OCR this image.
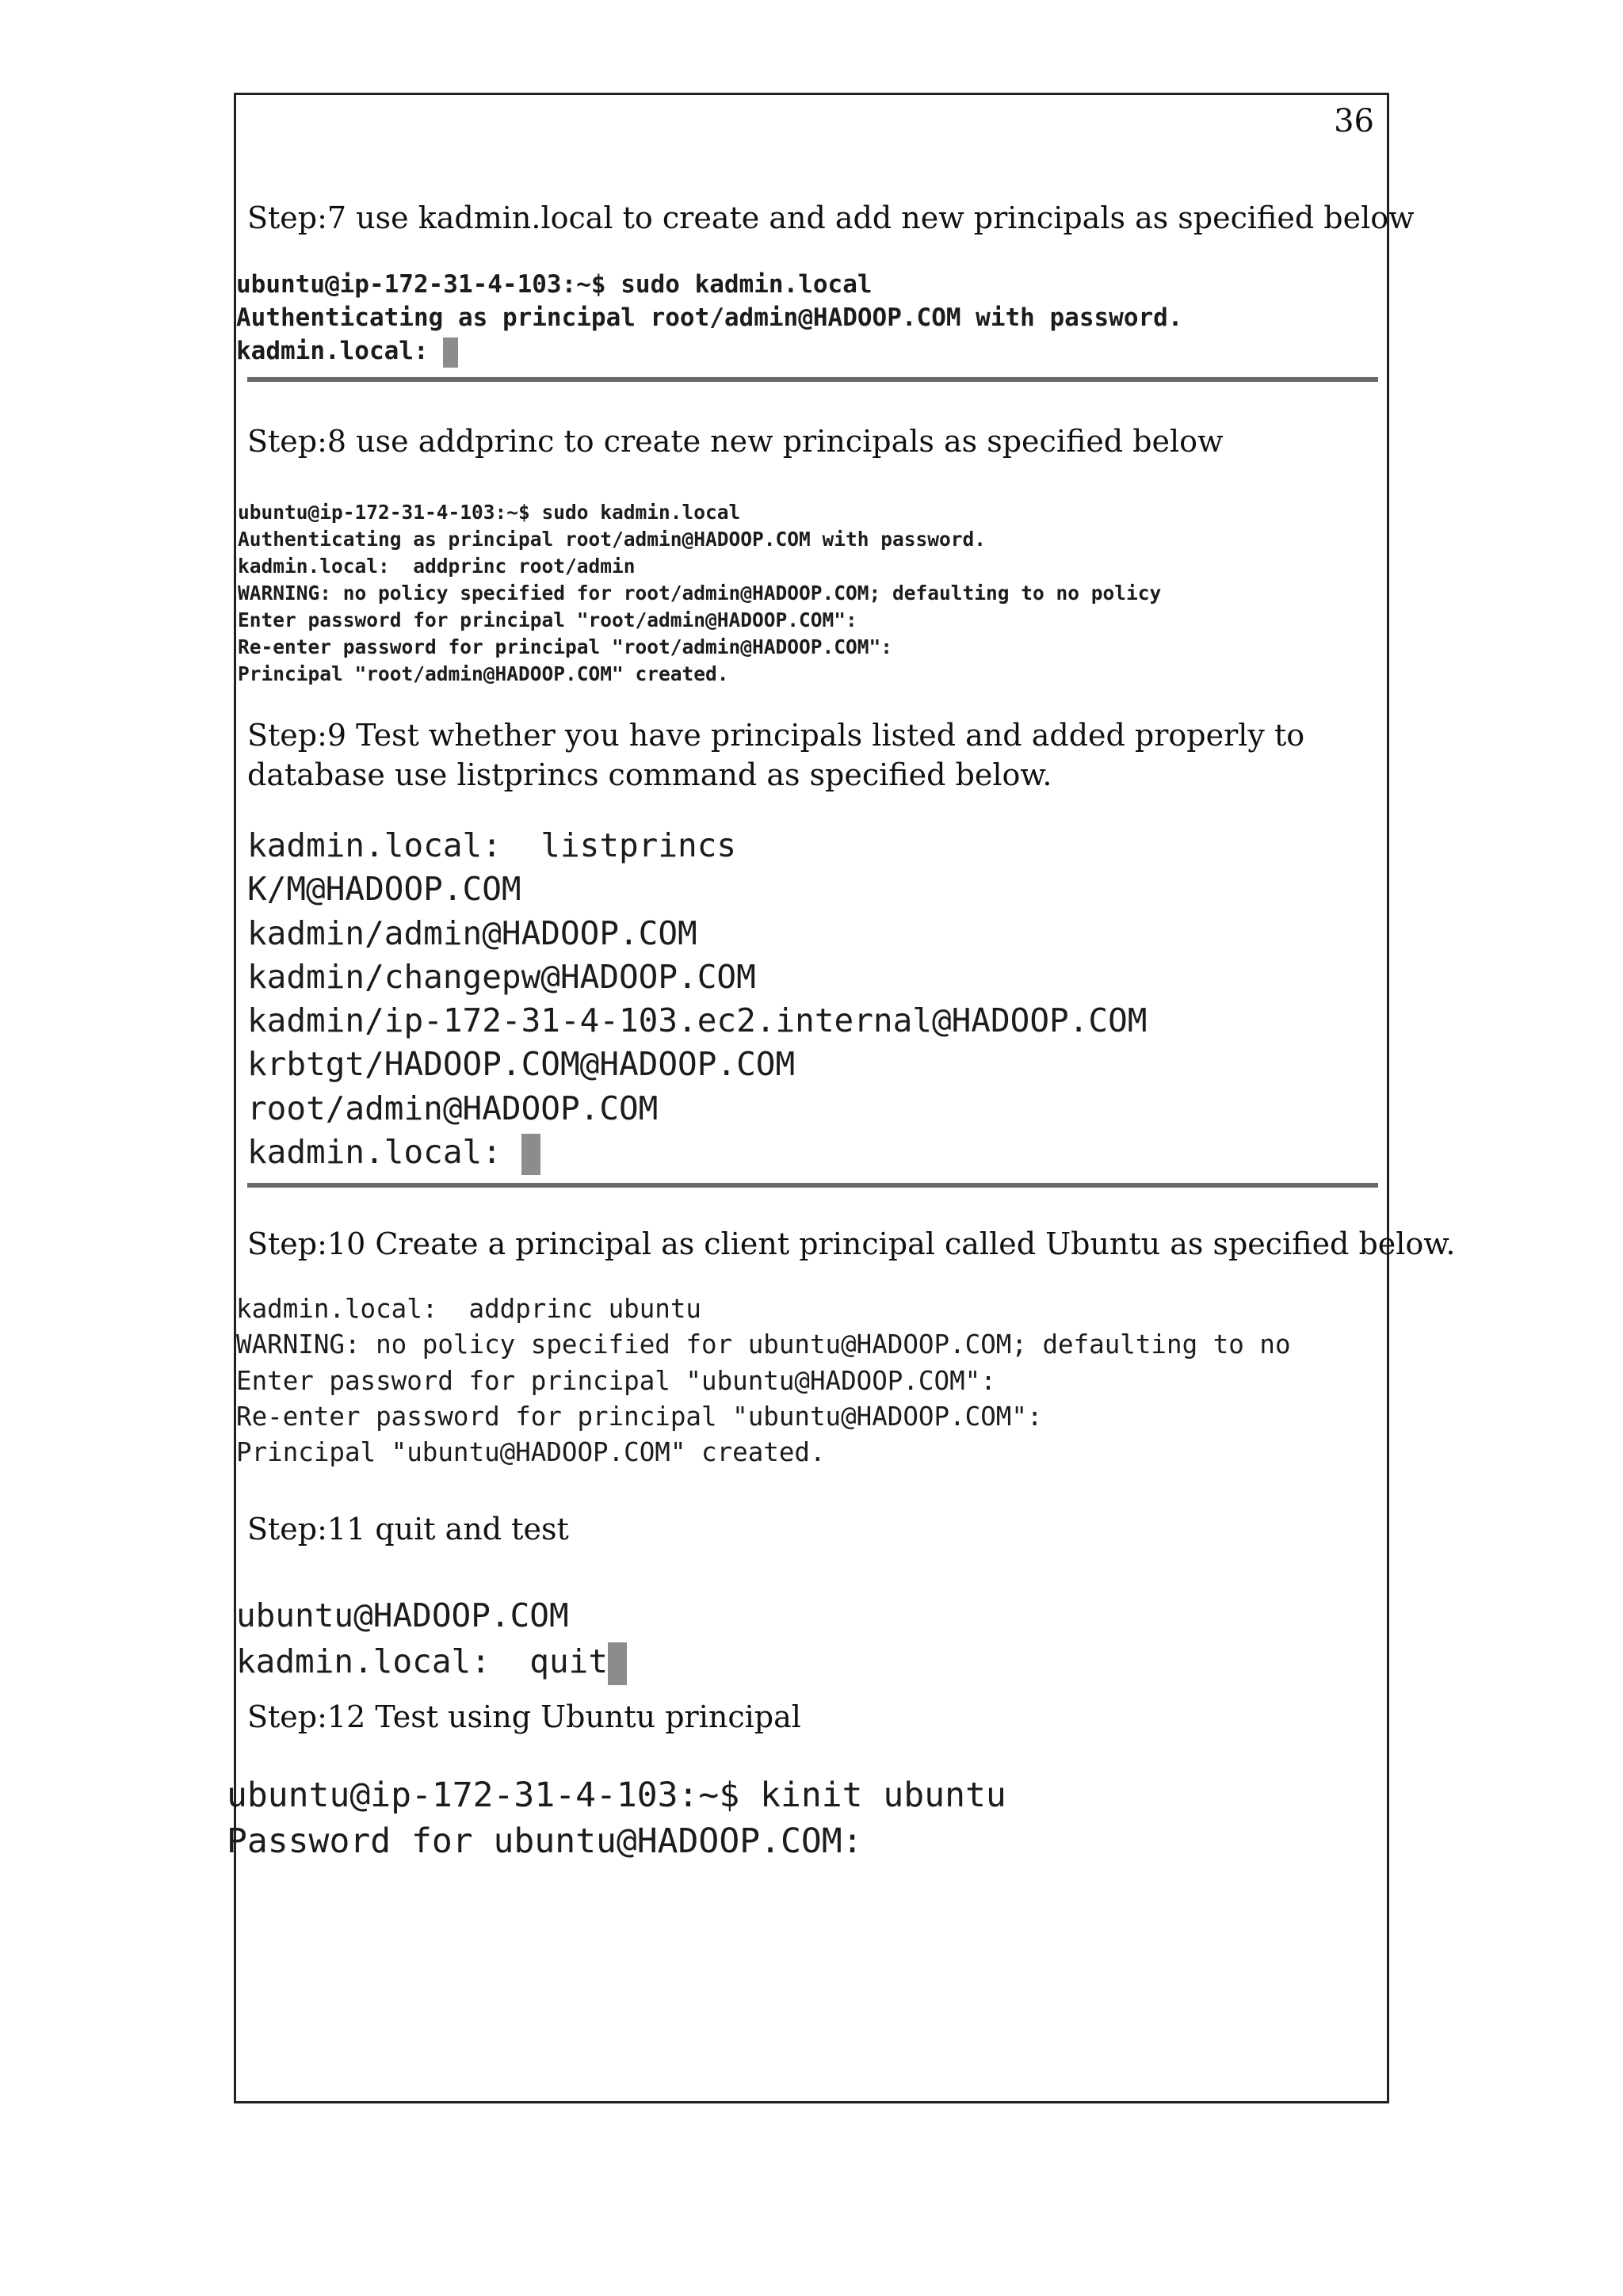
36
Step:7 use kadmin.local to create and add new principals as specified below
ubuntu@ip-172-31-4-103:~$ sudo kadmin.local
Authenticating as principal root/admin@HADOOP.COM with password.
kadmin.local:
Step:8 use addprinc to create new principals as specified below
ubuntu@ip-172-31-4-103:~$ sudo kadmin.local
Authenticating as principal root/admin@HADOOP.COM with password.
kadmin.local:  addprinc root/admin
WARNING: no policy specified for root/admin@HADOOP.COM; defaulting to no policy
Enter password for principal "root/admin@HADOOP.COM":
Re-enter password for principal "root/admin@HADOOP.COM":
Principal "root/admin@HADOOP.COM" created.
Step:9 Test whether you have principals listed and added properly to database use listprincs command as specified below.
kadmin.local:  listprincs
K/M@HADOOP.COM
kadmin/admin@HADOOP.COM
kadmin/changepw@HADOOP.COM
kadmin/ip-172-31-4-103.ec2.internal@HADOOP.COM
krbtgt/HADOOP.COM@HADOOP.COM
root/admin@HADOOP.COM
kadmin.local:
Step:10 Create a principal as client principal called Ubuntu as specified below.
kadmin.local:  addprinc ubuntu
WARNING: no policy specified for ubuntu@HADOOP.COM; defaulting to no
Enter password for principal "ubuntu@HADOOP.COM":
Re-enter password for principal "ubuntu@HADOOP.COM":
Principal "ubuntu@HADOOP.COM" created.
Step:11 quit and test
ubuntu@HADOOP.COM
kadmin.local:  quit
Step:12 Test using Ubuntu principal
ubuntu@ip-172-31-4-103:~$ kinit ubuntu
Password for ubuntu@HADOOP.COM:
